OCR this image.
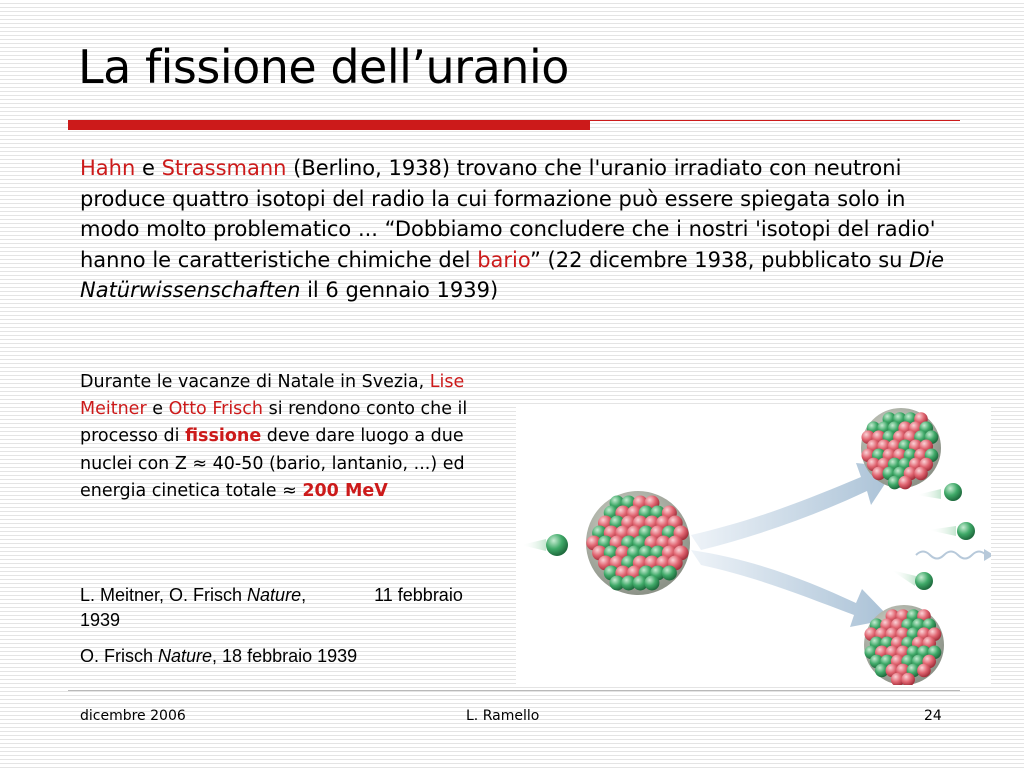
La fissione dell’uranio

Hahn e Strassmann (Berlino, 1938) trovano che l'uranio irradiato con neutroni produce quattro isotopi del radio la cui formazione può essere spiegata solo in modo molto problematico ... “Dobbiamo concludere che i nostri 'isotopi del radio' hanno le caratteristiche chimiche del bario” (22 dicembre 1938, pubblicato su Die Natürwissenschaften il 6 gennaio 1939)

Durante le vacanze di Natale in Svezia, Lise Meitner e Otto Frisch si rendono conto che il processo di fissione deve dare luogo a due nuclei con Z ≈ 40-50 (bario, lantanio, ...) ed energia cinetica totale ≈ 200 MeV

L. Meitner, O. Frisch Nature,	11 febbraio 1939

O. Frisch Nature, 18 febbraio 1939

dicembre 2006	L. Ramello	24
